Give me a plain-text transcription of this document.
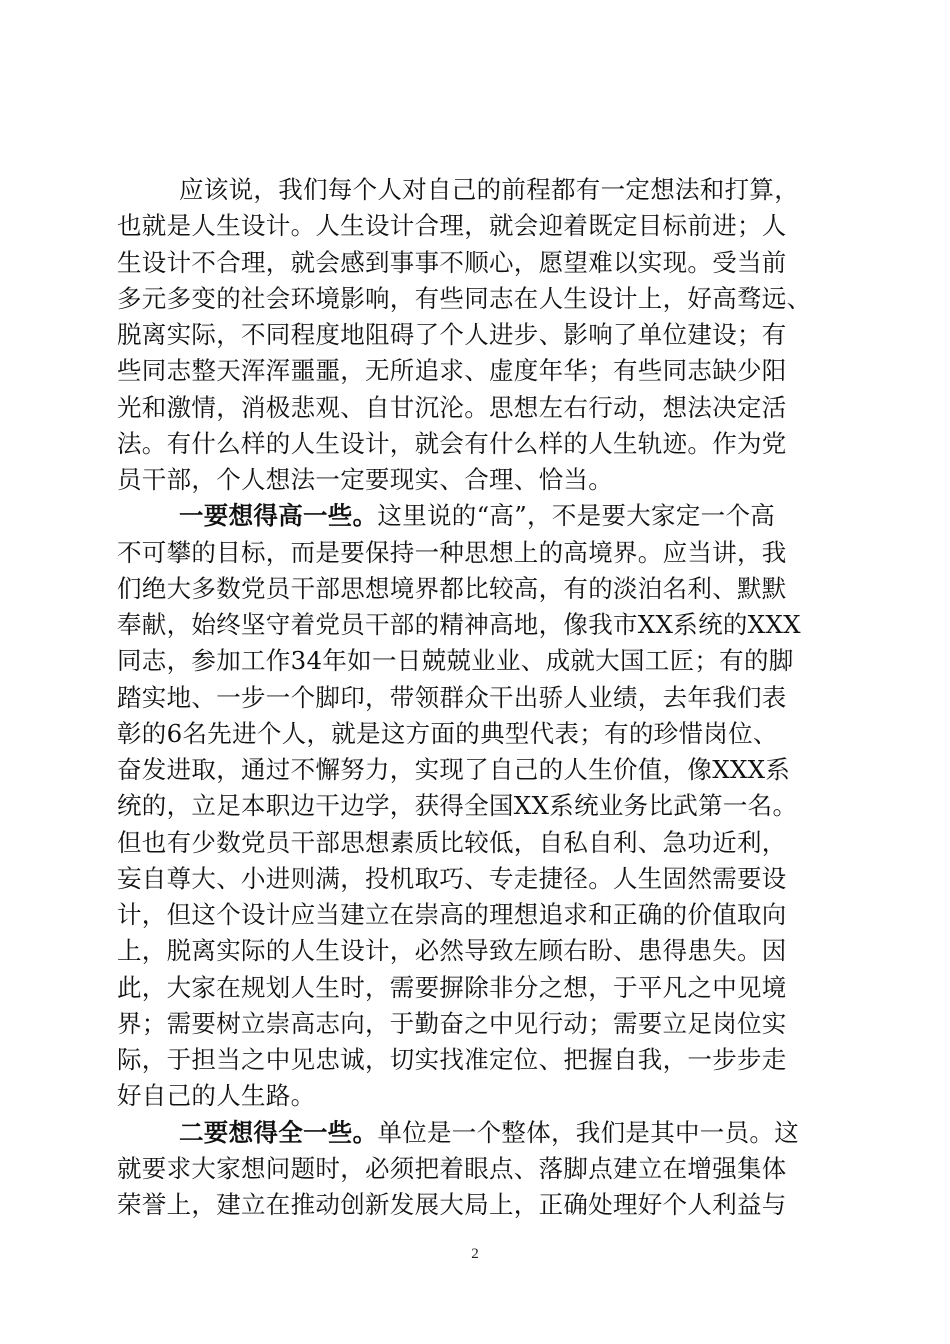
应该说，我们每个人对自己的前程都有一定想法和打算，
也就是人生设计。人生设计合理，就会迎着既定目标前进；人
生设计不合理，就会感到事事不顺心，愿望难以实现。受当前
多元多变的社会环境影响，有些同志在人生设计上，好高骛远、
脱离实际，不同程度地阻碍了个人进步、影响了单位建设；有
些同志整天浑浑噩噩，无所追求、虚度年华；有些同志缺少阳
光和激情，消极悲观、自甘沉沦。思想左右行动，想法决定活
法。有什么样的人生设计，就会有什么样的人生轨迹。作为党
员干部，个人想法一定要现实、合理、恰当。
一要想得高一些。这里说的“高”，不是要大家定一个高
不可攀的目标，而是要保持一种思想上的高境界。应当讲，我
们绝大多数党员干部思想境界都比较高，有的淡泊名利、默默
奉献，始终坚守着党员干部的精神高地，像我市XX系统的XXX
同志，参加工作34年如一日兢兢业业、成就大国工匠；有的脚
踏实地、一步一个脚印，带领群众干出骄人业绩，去年我们表
彰的6名先进个人，就是这方面的典型代表；有的珍惜岗位、
奋发进取，通过不懈努力，实现了自己的人生价值，像XXX系
统的，立足本职边干边学，获得全国XX系统业务比武第一名。
但也有少数党员干部思想素质比较低，自私自利、急功近利，
妄自尊大、小进则满，投机取巧、专走捷径。人生固然需要设
计，但这个设计应当建立在崇高的理想追求和正确的价值取向
上，脱离实际的人生设计，必然导致左顾右盼、患得患失。因
此，大家在规划人生时，需要摒除非分之想，于平凡之中见境
界；需要树立崇高志向，于勤奋之中见行动；需要立足岗位实
际，于担当之中见忠诚，切实找准定位、把握自我，一步步走
好自己的人生路。
二要想得全一些。单位是一个整体，我们是其中一员。这
就要求大家想问题时，必须把着眼点、落脚点建立在增强集体
荣誉上，建立在推动创新发展大局上，正确处理好个人利益与
2
